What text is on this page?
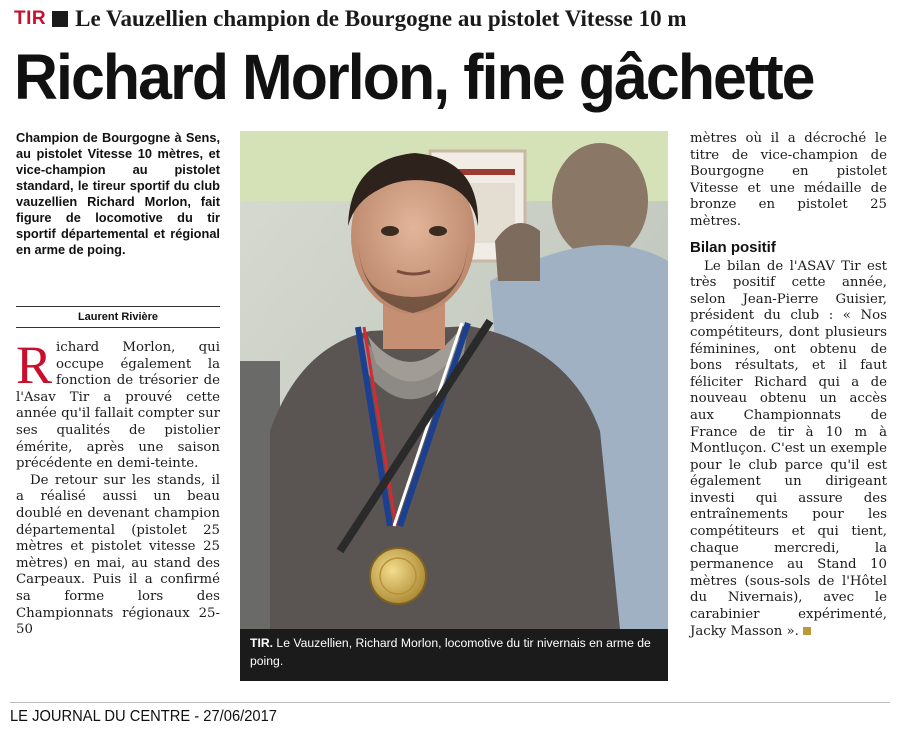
TIR Le Vauzellien champion de Bourgogne au pistolet Vitesse 10 m
Richard Morlon, fine gâchette
Champion de Bourgogne à Sens, au pistolet Vitesse 10 mètres, et vice-champion au pistolet standard, le tireur sportif du club vauzellien Richard Morlon, fait figure de locomotive du tir sportif départemental et régional en arme de poing.
Laurent Rivière

Richard Morlon, qui occupe également la fonction de trésorier de l'Asav Tir a prouvé cette année qu'il fallait compter sur ses qualités de pistolier émérite, après une saison précédente en demi-teinte.

De retour sur les stands, il a réalisé aussi un beau doublé en devenant champion départemental (pistolet 25 mètres et pistolet vitesse 25 mètres) en mai, au stand des Carpeaux. Puis il a confirmé sa forme lors des Championnats régionaux 25-50

TIR. Le Vauzellien, Richard Morlon, locomotive du tir nivernais en arme de poing.

mètres où il a décroché le titre de vice-champion de Bourgogne en pistolet Vitesse et une médaille de bronze en pistolet 25 mètres.

Bilan positif

Le bilan de l'ASAV Tir est très positif cette année, selon Jean-Pierre Guisier, président du club : « Nos compétiteurs, dont plusieurs féminines, ont obtenu de bons résultats, et il faut féliciter Richard qui a de nouveau obtenu un accès aux Championnats de France de tir à 10 m à Montluçon. C'est un exemple pour le club parce qu'il est également un dirigeant investi qui assure des entraînements pour les compétiteurs et qui tient, chaque mercredi, la permanence au Stand 10 mètres (sous-sols de l'Hôtel du Nivernais), avec le carabinier expérimenté, Jacky Masson ».

LE JOURNAL DU CENTRE - 27/06/2017
